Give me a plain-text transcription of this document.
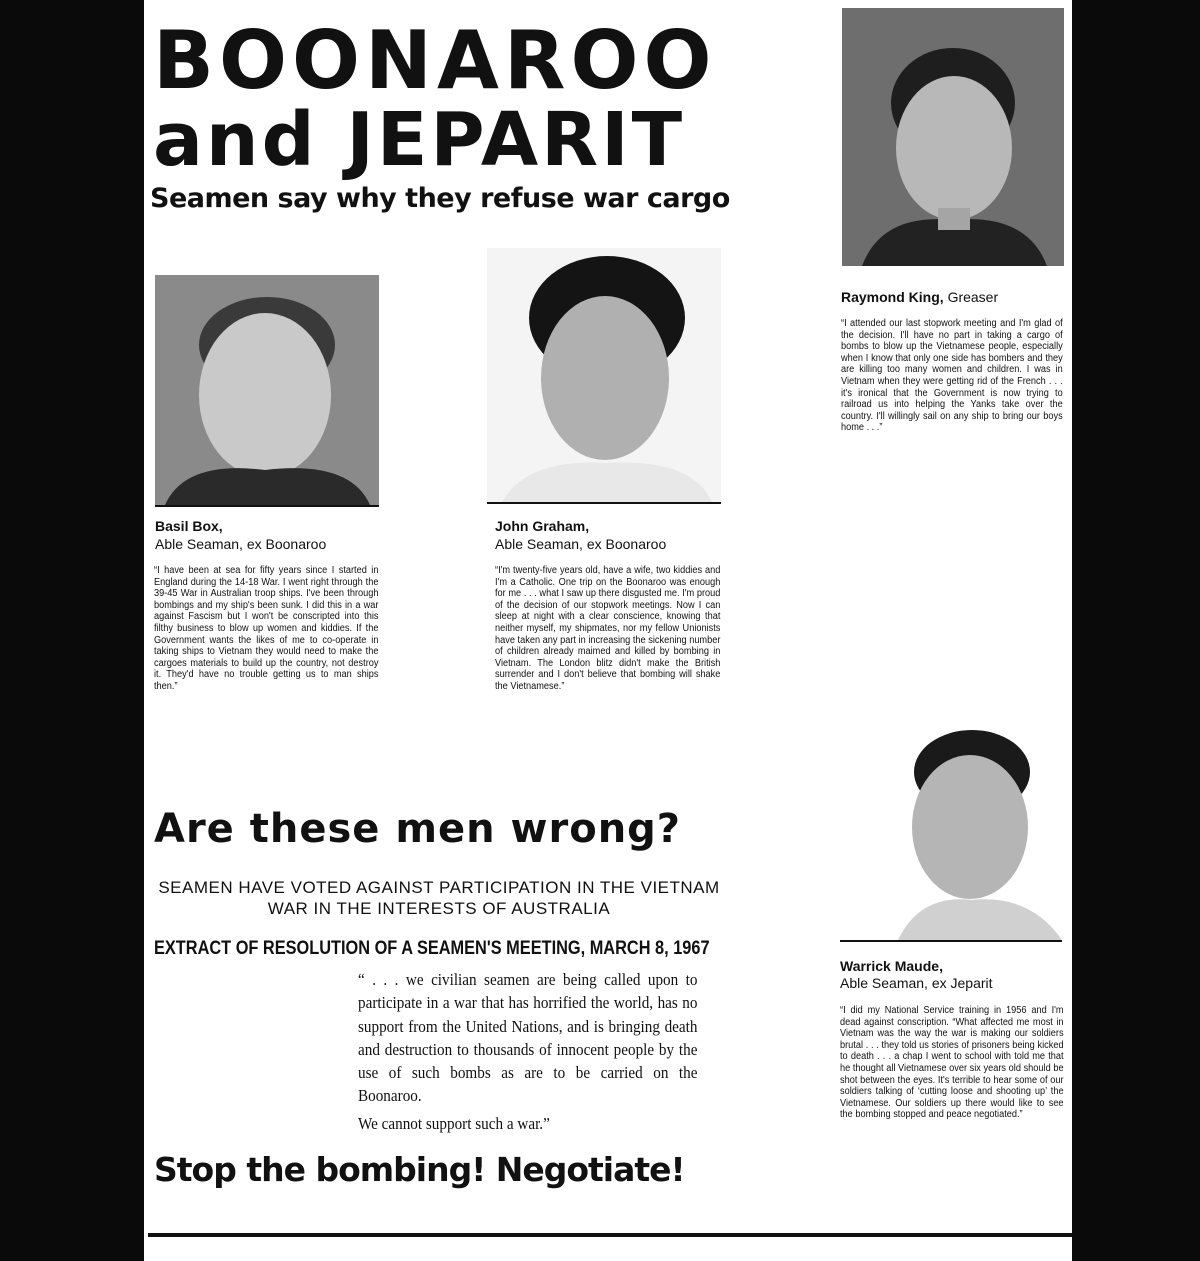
BOONAROO
and JEPARIT
Seamen say why they refuse war cargo
Raymond King, Greaser
“I attended our last stopwork meeting and I'm glad of the decision. I'll have no part in taking a cargo of bombs to blow up the Vietnamese people, especially when I know that only one side has bombers and they are killing too many women and children. I was in Vietnam when they were getting rid of the French . . . it's ironical that the Government is now trying to railroad us into helping the Yanks take over the country. I'll willingly sail on any ship to bring our boys home . . .”
Basil Box,
Able Seaman, ex Boonaroo
“I have been at sea for fifty years since I started in England during the 14-18 War. I went right through the 39-45 War in Australian troop ships. I've been through bombings and my ship's been sunk. I did this in a war against Fascism but I won't be conscripted into this filthy business to blow up women and kiddies. If the Government wants the likes of me to co-operate in taking ships to Vietnam they would need to make the cargoes materials to build up the country, not destroy it. They'd have no trouble getting us to man ships then.”
John Graham,
Able Seaman, ex Boonaroo
“I'm twenty-five years old, have a wife, two kiddies and I'm a Catholic. One trip on the Boonaroo was enough for me . . . what I saw up there disgusted me. I'm proud of the decision of our stopwork meetings. Now I can sleep at night with a clear conscience, knowing that neither myself, my shipmates, nor my fellow Unionists have taken any part in increasing the sickening number of children already maimed and killed by bombing in Vietnam. The London blitz didn't make the British surrender and I don't believe that bombing will shake the Vietnamese.”
Are these men wrong?
SEAMEN HAVE VOTED AGAINST PARTICIPATION IN THE VIETNAM WAR IN THE INTERESTS OF AUSTRALIA
EXTRACT OF RESOLUTION OF A SEAMEN'S MEETING, MARCH 8, 1967
“ . . . we civilian seamen are being called upon to participate in a war that has horrified the world, has no support from the United Nations, and is bringing death and destruction to thousands of innocent people by the use of such bombs as are to be carried on the Boonaroo.
We cannot support such a war.”
Stop the bombing! Negotiate!
Warrick Maude,
Able Seaman, ex Jeparit
“I did my National Service training in 1956 and I'm dead against conscription. “What affected me most in Vietnam was the way the war is making our soldiers brutal . . . they told us stories of prisoners being kicked to death . . . a chap I went to school with told me that he thought all Vietnamese over six years old should be shot between the eyes. It's terrible to hear some of our soldiers talking of ‘cutting loose and shooting up’ the Vietnamese. Our soldiers up there would like to see the bombing stopped and peace negotiated.”
